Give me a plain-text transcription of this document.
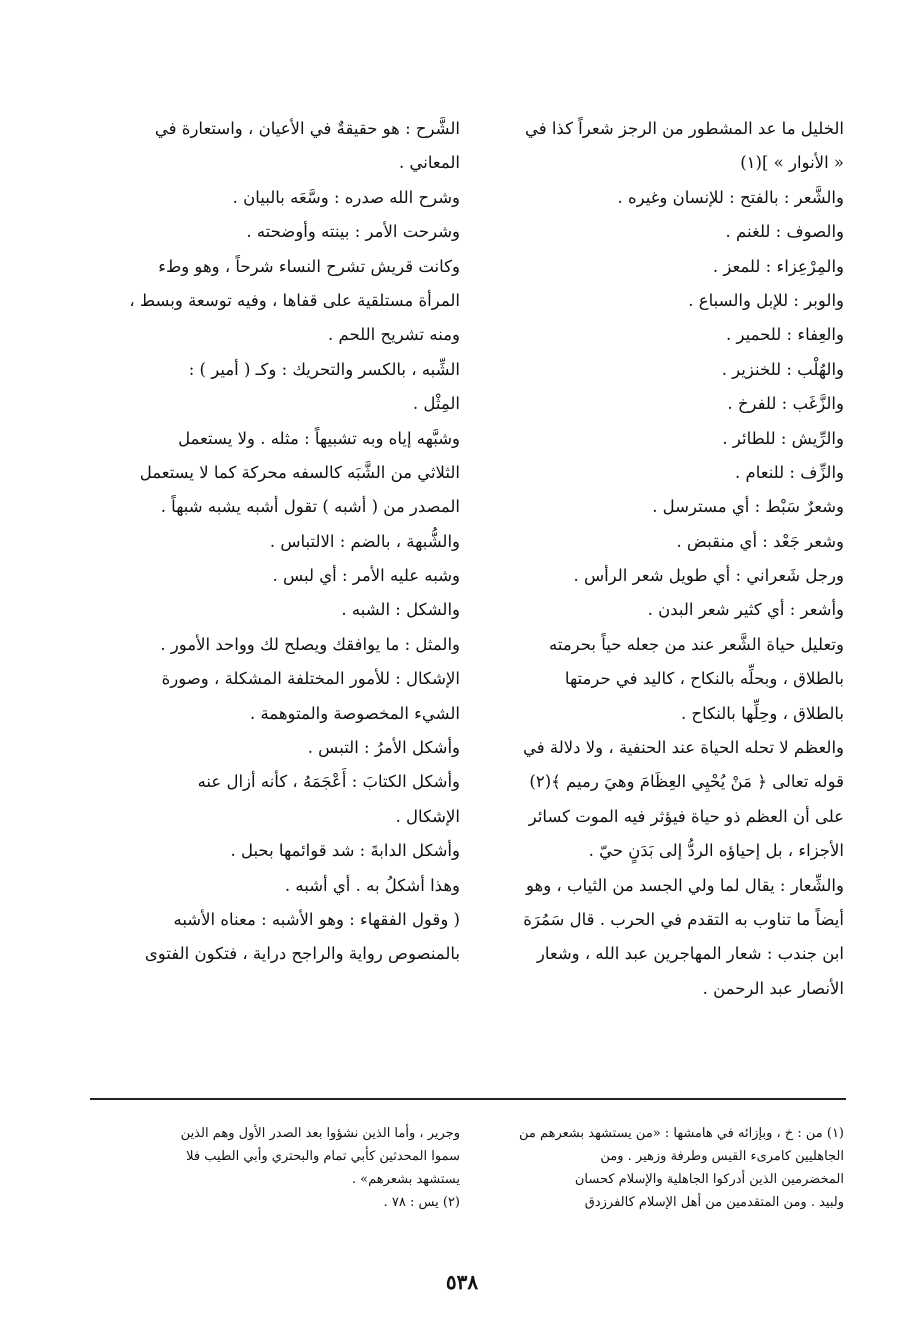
الخليل ما عد المشطور من الرجز شعراً كذا في
« الأنوار » ](١)
والشَّعر : بالفتح : للإنسان وغيره .
والصوف : للغنم .
والمِرْعِزاء : للمعز .
والوبر : للإبل والسباع .
والعِفاء : للحمير .
والهُلْب : للخنزير .
والزَّغَب : للفرخ .
والرِّيش : للطائر .
والزِّف : للنعام .
وشعرٌ سَبْط : أي مسترسل .
وشعر جَعْد : أي منقبض .
ورجل شَعراني : أي طويل شعر الرأس .
وأشعر : أي كثير شعر البدن .
وتعليل حياة الشَّعر عند من جعله حياً بحرمته
بالطلاق ، وبحلِّه بالنكاح ، كاليد في حرمتها
بالطلاق ، وحِلِّها بالنكاح .
والعظم لا تحله الحياة عند الحنفية ، ولا دلالة في
قوله تعالى ﴿ مَنْ يُحْيِي العِظَامَ وهيَ رميم ﴾(٢)
على أن العظم ذو حياة فيؤثر فيه الموت كسائر
الأجزاء ، بل إحياؤه الردُّ إلى بَدَنٍ حيّ .
والشِّعار : يقال لما ولي الجسد من الثياب ، وهو
أيضاً ما تناوب به التقدم في الحرب . قال سَمُرَة
ابن جندب : شعار المهاجرين عبد الله ، وشعار
الأنصار عبد الرحمن .
الشَّرح : هو حقيقةٌ في الأعيان ، واستعارة في
المعاني .
وشرح الله صدره : وسَّعَه بالبيان .
وشرحت الأمر : بينته وأوضحته .
وكانت قريش تشرح النساء شرحاً ، وهو وطء
المرأة مستلقية على قفاها ، وفيه توسعة وبسط ،
ومنه تشريح اللحم .
الشِّبه ، بالكسر والتحريك : وكـ ( أمير ) :
المِثْل .
وشبَّهه إياه وبه تشبيهاً : مثله . ولا يستعمل
الثلاثي من الشَّبَه كالسفه محركة كما لا يستعمل
المصدر من ( أشبه ) تقول أشبه يشبه شبهاً .
والشُّبهة ، بالضم : الالتباس .
وشبه عليه الأمر : أي لبس .
والشكل : الشبه .
والمثل : ما يوافقك ويصلح لك وواحد الأمور .
الإشكال : للأمور المختلفة المشكلة ، وصورة
الشيء المخصوصة والمتوهمة .
وأشكل الأمرُ : التبس .
وأشكل الكتابَ : أَعْجَمَهُ ، كأنه أزال عنه
الإشكال .
وأشكل الدابةَ : شد قوائمها بحبل .
وهذا أشكلُ به . أي أشبه .
( وقول الفقهاء : وهو الأشبه : معناه الأشبه
بالمنصوص رواية والراجح دراية ، فتكون الفتوى
(١) من : خ ، وبإزائه في هامشها : «من يستشهد بشعرهم من
الجاهليين كامرىء القيس وطرفة وزهير . ومن
المخضرمين الذين أدركوا الجاهلية والإسلام كحسان
ولبيد . ومن المتقدمين من أهل الإسلام كالفرزدق
وجرير ، وأما الذين نشؤوا بعد الصدر الأول وهم الذين
سموا المحدثين كأبي تمام والبحتري وأبي الطيب فلا
يستشهد بشعرهم» .
(٢) يس : ٧٨ .
٥٣٨
